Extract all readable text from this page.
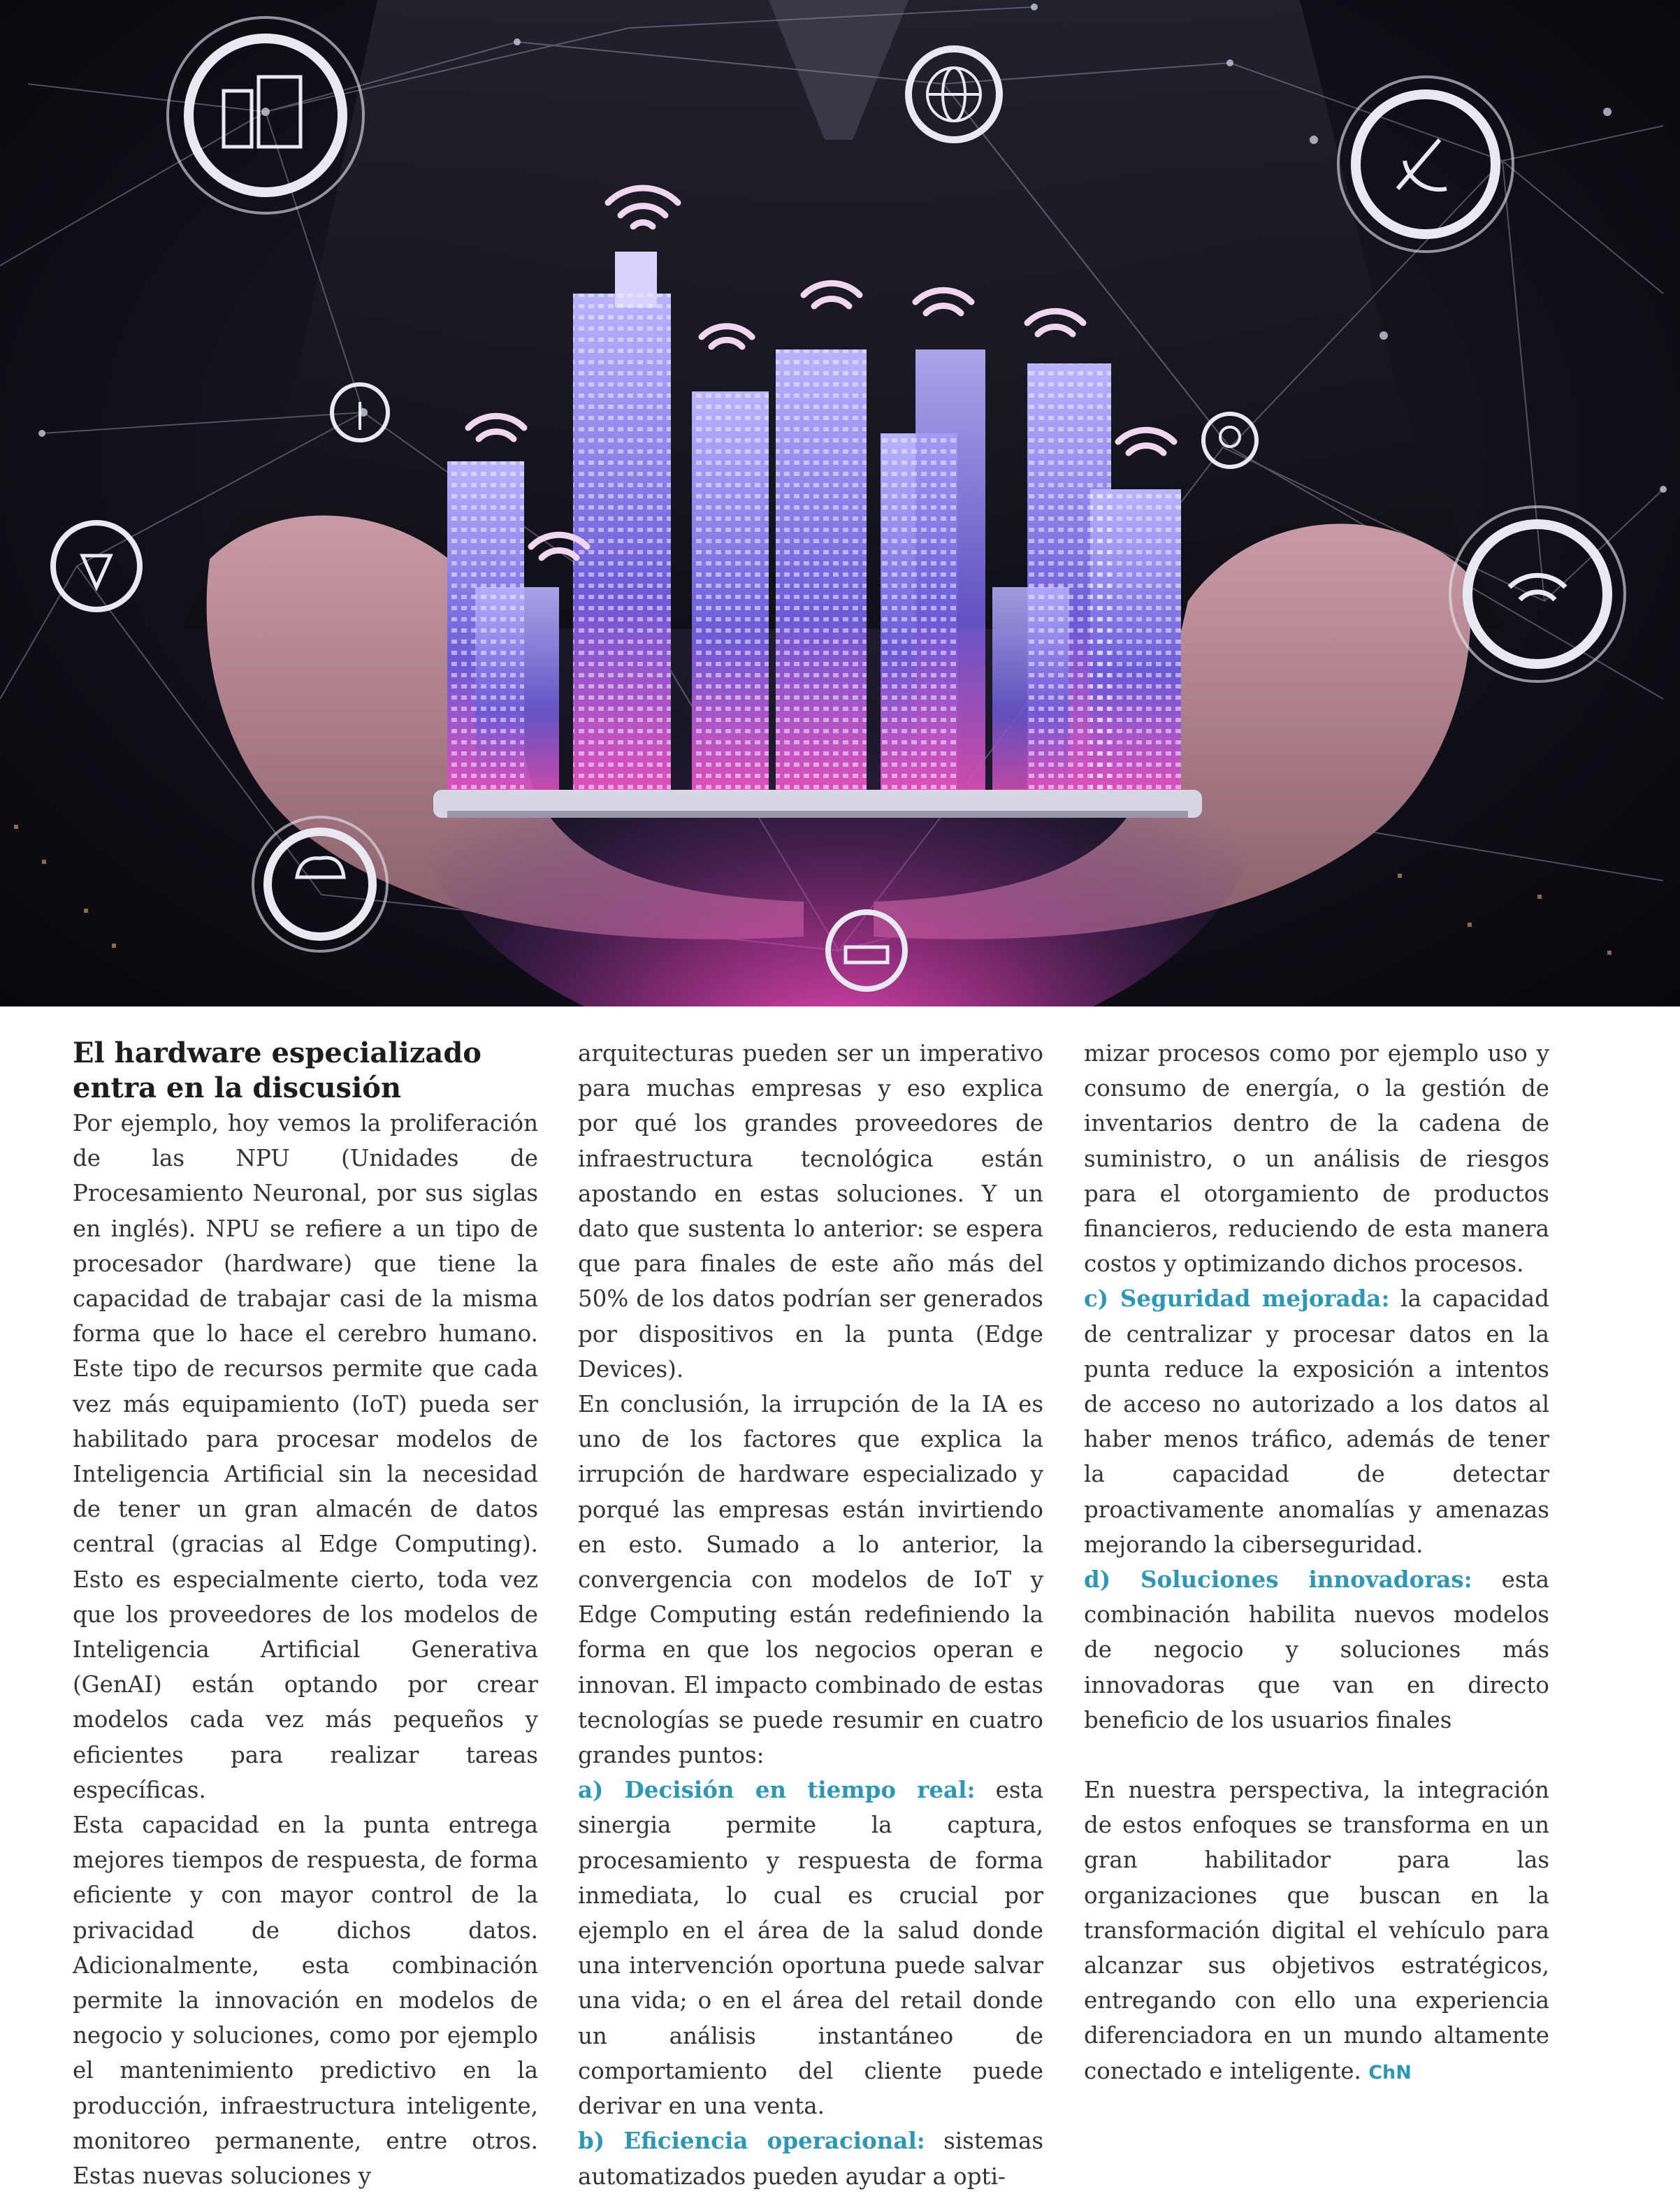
El hardware especializado entra en la discusión

Por ejemplo, hoy vemos la proliferación de las NPU (Unidades de Procesamiento Neuronal, por sus siglas en inglés). NPU se refiere a un tipo de procesador (hardware) que tiene la capacidad de trabajar casi de la misma forma que lo hace el cerebro humano. Este tipo de recursos permite que cada vez más equipamiento (IoT) pueda ser habilitado para procesar modelos de Inteligencia Artificial sin la necesidad de tener un gran almacén de datos central (gracias al Edge Computing). Esto es especialmente cierto, toda vez que los proveedores de los modelos de Inteligencia Artificial Generativa (GenAI) están optando por crear modelos cada vez más pequeños y eficientes para realizar tareas específicas.

Esta capacidad en la punta entrega mejores tiempos de respuesta, de forma eficiente y con mayor control de la privacidad de dichos datos. Adicionalmente, esta combinación permite la innovación en modelos de negocio y soluciones, como por ejemplo el mantenimiento predictivo en la producción, infraestructura inteligente, monitoreo permanente, entre otros. Estas nuevas soluciones y

arquitecturas pueden ser un imperativo para muchas empresas y eso explica por qué los grandes proveedores de infraestructura tecnológica están apostando en estas soluciones. Y un dato que sustenta lo anterior: se espera que para finales de este año más del 50% de los datos podrían ser generados por dispositivos en la punta (Edge Devices).

En conclusión, la irrupción de la IA es uno de los factores que explica la irrupción de hardware especializado y porqué las empresas están invirtiendo en esto. Sumado a lo anterior, la convergencia con modelos de IoT y Edge Computing están redefiniendo la forma en que los negocios operan e innovan. El impacto combinado de estas tecnologías se puede resumir en cuatro grandes puntos:

a) Decisión en tiempo real: esta sinergia permite la captura, procesamiento y respuesta de forma inmediata, lo cual es crucial por ejemplo en el área de la salud donde una intervención oportuna puede salvar una vida; o en el área del retail donde un análisis instantáneo de comportamiento del cliente puede derivar en una venta.

b) Eficiencia operacional: sistemas automatizados pueden ayudar a opti-

mizar procesos como por ejemplo uso y consumo de energía, o la gestión de inventarios dentro de la cadena de suministro, o un análisis de riesgos para el otorgamiento de productos financieros, reduciendo de esta manera costos y optimizando dichos procesos.

c) Seguridad mejorada: la capacidad de centralizar y procesar datos en la punta reduce la exposición a intentos de acceso no autorizado a los datos al haber menos tráfico, además de tener la capacidad de detectar proactivamente anomalías y amenazas mejorando la ciberseguridad.

d) Soluciones innovadoras: esta combinación habilita nuevos modelos de negocio y soluciones más innovadoras que van en directo beneficio de los usuarios finales

En nuestra perspectiva, la integración de estos enfoques se transforma en un gran habilitador para las organizaciones que buscan en la transformación digital el vehículo para alcanzar sus objetivos estratégicos, entregando con ello una experiencia diferenciadora en un mundo altamente conectado e inteligente. ChN
